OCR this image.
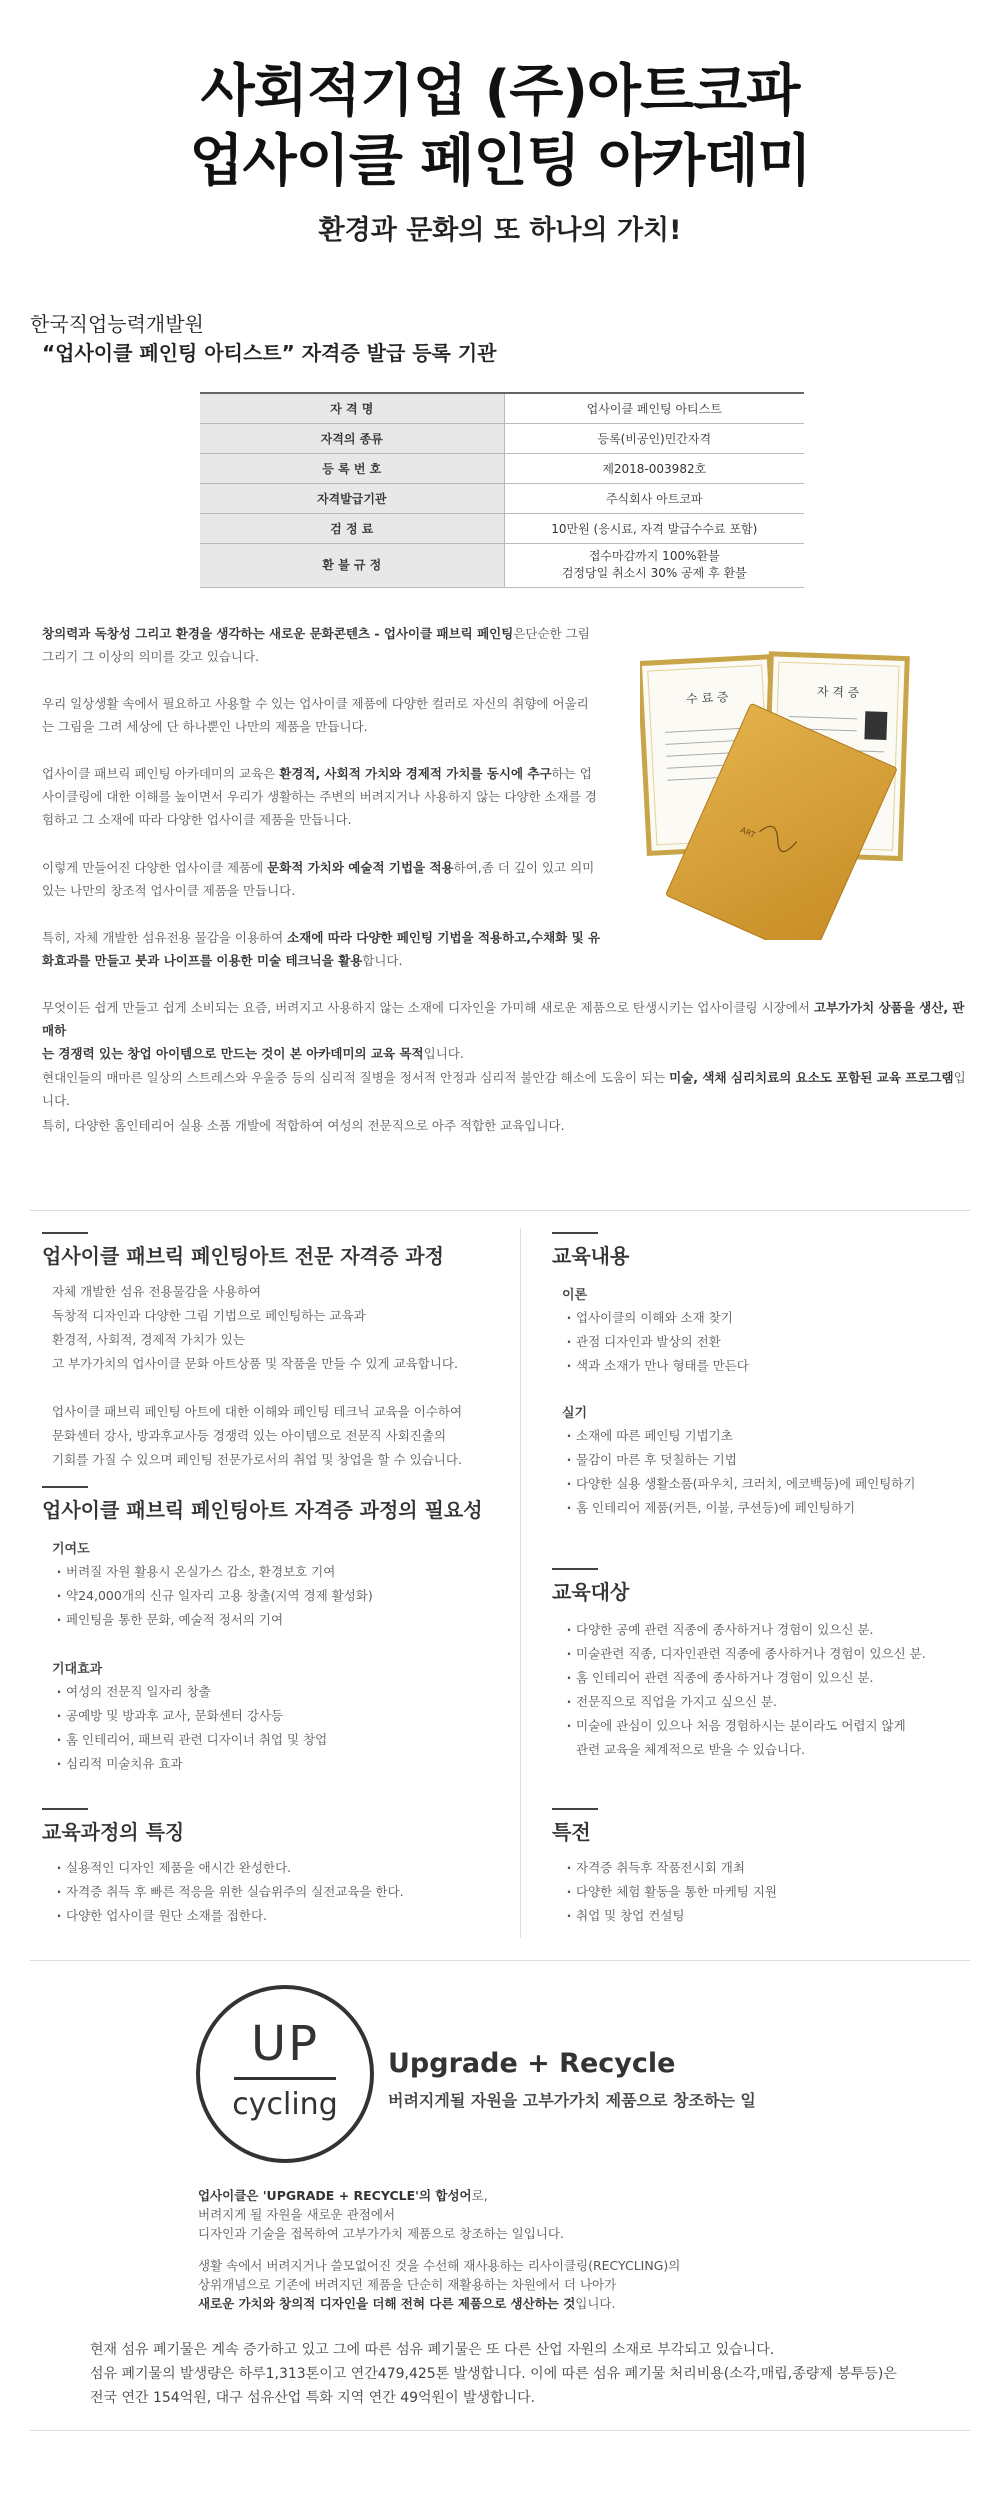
사회적기업 (주)아트코파
업사이클 페인팅 아카데미
환경과 문화의 또 하나의 가치!
한국직업능력개발원
“업사이클 페인팅 아티스트” 자격증 발급 등록 기관
자 격 명	업사이클 페인팅 아티스트
자격의 종류	등록(비공인)민간자격
등 록 번 호	제2018-003982호
자격발급기관	주식회사 아트코파
검 정 료	10만원 (응시료, 자격 발급수수료 포함)
환 불 규 정	접수마감까지 100%환불
검정당일 취소시 30% 공제 후 환불
창의력과 독창성 그리고 환경을 생각하는 새로운 문화콘텐츠 - 업사이클 패브릭 페인팅은단순한 그림
그리기 그 이상의 의미를 갖고 있습니다.
우리 일상생활 속에서 필요하고 사용할 수 있는 업사이클 제품에 다양한 컬러로 자신의 취향에 어울리
는 그림을 그려 세상에 단 하나뿐인 나만의 제품을 만듭니다.
업사이클 패브릭 페인팅 아카데미의 교육은 환경적, 사회적 가치와 경제적 가치를 동시에 추구하는 업
사이클링에 대한 이해를 높이면서 우리가 생활하는 주변의 버려지거나 사용하지 않는 다양한 소재를 경
험하고 그 소재에 따라 다양한 업사이클 제품을 만듭니다.
이렇게 만들어진 다양한 업사이클 제품에 문화적 가치와 예술적 기법을 적용하여,좀 더 깊이 있고 의미
있는 나만의 창조적 업사이클 제품을 만듭니다.
특히, 자체 개발한 섬유전용 물감을 이용하여 소재에 따라 다양한 페인팅 기법을 적용하고,수채화 및 유
화효과를 만들고 붓과 나이프를 이용한 미술 테크닉을 활용합니다.
무엇이든 쉽게 만들고 쉽게 소비되는 요즘, 버려지고 사용하지 않는 소재에 디자인을 가미해 새로운 제품으로 탄생시키는 업사이클링 시장에서 고부가가치 상품을 생산, 판매하
는 경쟁력 있는 창업 아이템으로 만드는 것이 본 아카데미의 교육 목적입니다.
현대인들의 매마른 일상의 스트레스와 우울증 등의 심리적 질병을 정서적 안정과 심리적 불안감 해소에 도움이 되는 미술, 색채 심리치료의 요소도 포함된 교육 프로그램입니다.
특히, 다양한 홈인테리어 실용 소품 개발에 적합하여 여성의 전문직으로 아주 적합한 교육입니다.
수 료 증	자 격 증
ART
업사이클 패브릭 페인팅아트 전문 자격증 과정
자체 개발한 섬유 전용물감을 사용하여
독창적 디자인과 다양한 그림 기법으로 페인팅하는 교육과
환경적, 사회적, 경제적 가치가 있는
고 부가가치의 업사이클 문화 아트상품 및 작품을 만들 수 있게 교육합니다.
업사이클 패브릭 페인팅 아트에 대한 이해와 페인팅 테크닉 교육을 이수하여
문화센터 강사, 방과후교사등 경쟁력 있는 아이템으로 전문직 사회진출의
기회를 가질 수 있으며 페인팅 전문가로서의 취업 및 창업을 할 수 있습니다.
업사이클 패브릭 페인팅아트 자격증 과정의 필요성
기여도
· 버려질 자원 활용시 온실가스 감소, 환경보호 기여
· 약24,000개의 신규 일자리 고용 창출(지역 경제 활성화)
· 페인팅을 통한 문화, 예술적 정서의 기여
기대효과
· 여성의 전문직 일자리 창출
· 공예방 및 방과후 교사, 문화센터 강사등
· 홈 인테리어, 패브릭 관련 디자이너 취업 및 창업
· 심리적 미술치유 효과
교육과정의 특징
· 실용적인 디자인 제품을 애시간 완성한다.
· 자격증 취득 후 빠른 적응을 위한 실습위주의 실전교육을 한다.
· 다양한 업사이클 원단 소재를 접한다.
교육내용
이론
· 업사이클의 이해와 소재 찾기
· 관점 디자인과 발상의 전환
· 색과 소재가 만나 형태를 만든다
실기
· 소재에 따른 페인팅 기법기초
· 물감이 마른 후 덧칠하는 기법
· 다양한 실용 생활소품(파우치, 크러치, 에코백등)에 페인팅하기
· 홈 인테리어 제품(커튼, 이불, 쿠션등)에 페인팅하기
교육대상
· 다양한 공예 관련 직종에 종사하거나 경험이 있으신 분.
· 미술관련 직종, 디자인관련 직종에 종사하거나 경험이 있으신 분.
· 홈 인테리어 관련 직종에 종사하거나 경험이 있으신 분.
· 전문직으로 직업을 가지고 싶으신 분.
· 미술에 관심이 있으나 처음 경험하시는 분이라도 어렵지 않게
관련 교육을 체계적으로 받을 수 있습니다.
특전
· 자격증 취득후 작품전시회 개최
· 다양한 체험 활동을 통한 마케팅 지원
· 취업 및 창업 컨설팅
UP
cycling
Upgrade + Recycle
버려지게될 자원을 고부가가치 제품으로 창조하는 일
업사이클은 'UPGRADE + RECYCLE'의 합성어로,
버려지게 될 자원을 새로운 관점에서
디자인과 기술을 접목하여 고부가가치 제품으로 창조하는 일입니다.
생활 속에서 버려지거나 쓸모없어진 것을 수선해 재사용하는 리사이클링(RECYCLING)의
상위개념으로 기존에 버려지던 제품을 단순히 재활용하는 차원에서 더 나아가
새로운 가치와 창의적 디자인을 더해 전혀 다른 제품으로 생산하는 것입니다.
현재 섬유 폐기물은 계속 증가하고 있고 그에 따른 섬유 폐기물은 또 다른 산업 자원의 소재로 부각되고 있습니다.
섬유 폐기물의 발생량은 하루1,313톤이고 연간479,425톤 발생합니다. 이에 따른 섬유 폐기물 처리비용(소각,매립,종량제 봉투등)은
전국 연간 154억원, 대구 섬유산업 특화 지역 연간 49억원이 발생합니다.
